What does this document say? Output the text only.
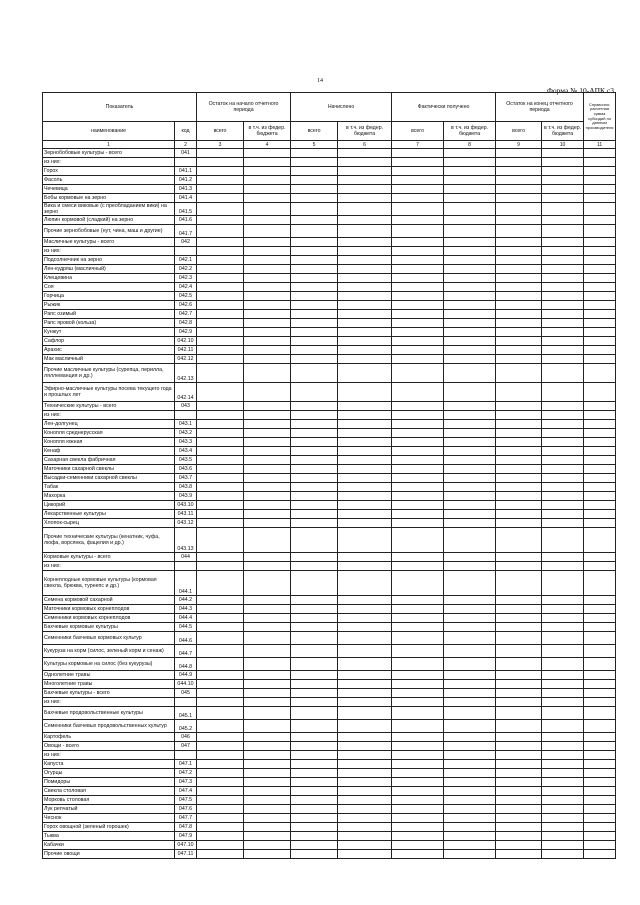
14
Форма № 10-АПК с3
Показатель		Остаток на начало отчетного периода		Начислено		Фактически получено		Остаток на конец отчетного периода		Справочно: расчетная сумма субсидий по данным производителя
наименование	код	всего	в т.ч. из федер. бюджета	всего	в т.ч. из федер. бюджета	всего	в т.ч. из федер. бюджета	всего	в т.ч. из федер. бюджета	

1	2	3	4	5	6	7	8	9	10	11
Зернобобовые культуры - всего	041									
из них:										
Горох	041.1									
Фасоль	041.2									
Чечевица	041.3									
Бобы кормовые на зерно	041.4									
Вика и смеси виковые (с преобладанием вики) на зерно	041.5									
Люпин кормовой (сладкий) на зерно	041.6									
Прочие зернобобовые (нут, чина, маш и другие)	041.7									
Масличные культуры - всего	042									
из них:										
Подсолнечник на зерно	042.1									
Лен-кудряш (масличный)	042.2									
Клещевина	042.3									
Соя	042.4									
Горчица	042.5									
Рыжик	042.6									
Рапс озимый	042.7									
Рапс яровой (кольза)	042.8									
Кунжут	042.9									
Сафлор	042.10									
Арахис	042.11									
Мак масличный	042.12									
Прочие масличные культуры (сурепца, перилла, ляллеманция и др.)	042.13									
Эфирно-масличные культуры посева текущего года и прошлых лет	042.14									
Технические культуры - всего	043									
из них:										
Лен-долгунец	043.1									
Конопля среднерусская	043.2									
Конопля южная	043.3									
Кенаф	043.4									
Сахарная свекла фабричная	043.5									
Маточники сахарной свеклы	043.6									
Высадки-семенники сахарной свеклы	043.7									
Табак	043.8									
Махорка	043.9									
Цикорий	043.10									
Лекарственные культуры	043.11									
Хлопок-сырец	043.12									
Прочие технические культуры (кенатник, чуфа, люфа, ворсянка, фацелия и др.)	043.13									
Кормовые культуры - всего	044									
из них:										
Корнеплодные кормовые культуры (кормовая свекла, брюква, турнепс и др.)	044.1									
Семена кормовой сахарной	044.2									
Маточники кормовых корнеплодов	044.3									
Семенники кормовых корнеплодов	044.4									
Бахчевые кормовые культуры	044.5									
Семенники бахчевых кормовых культур	044.6									
Кукуруза на корм (силос, зеленый корм и сенаж)	044.7									
Культуры кормовые на силос (без кукурузы)	044.8									
Однолетние травы	044.9									
Многолетние травы	044.10									
Бахчевые культуры - всего	045									
из них:										
Бахчевые продовольственные культуры	045.1									
Семенники бахчевых продовольственных культур	045.2									
Картофель	046									
Овощи - всего	047									
из них:										
Капуста	047.1									
Огурцы	047.2									
Помидоры	047.3									
Свекла столовая	047.4									
Морковь столовая	047.5									
Лук репчатый	047.6									
Чеснок	047.7									
Горох овощной (зеленый горошек)	047.8									
Тыква	047.9									
Кабачки	047.10									
Прочие овощи	047.11									
